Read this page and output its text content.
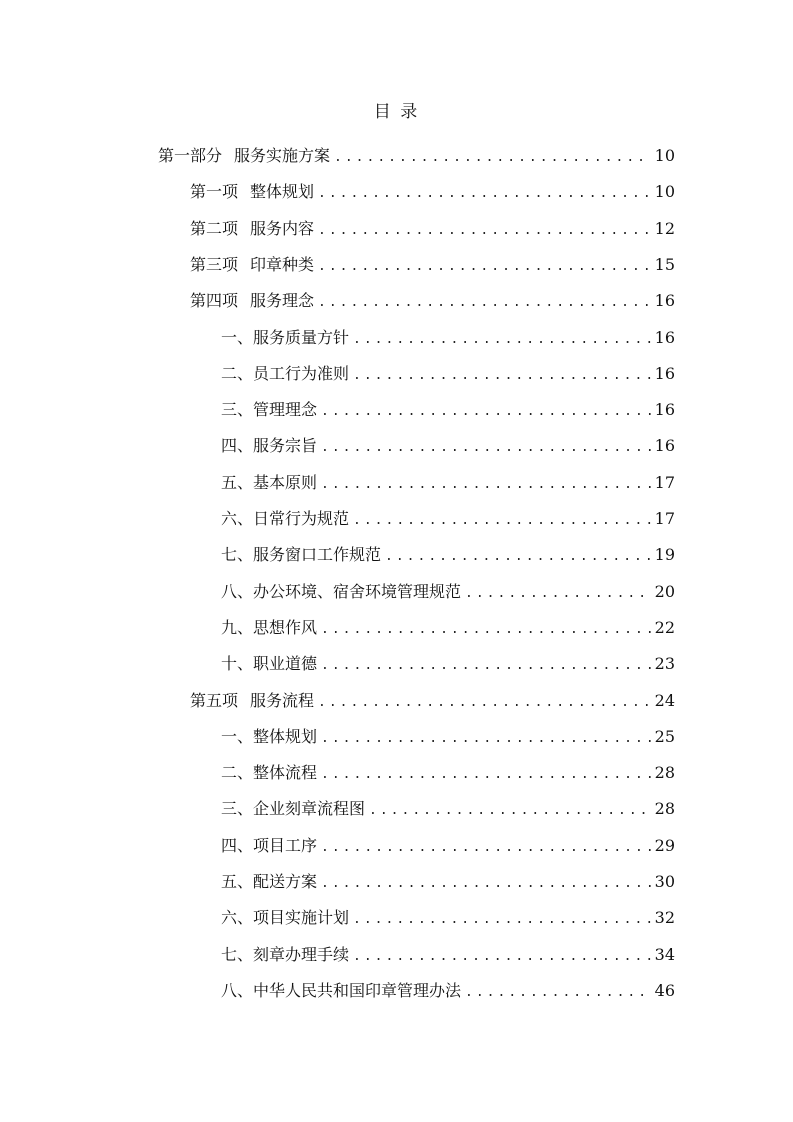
目 录
第一部分 服务实施方案 .....	10
第一项 整体规划 .....	10
第二项 服务内容 .....	12
第三项 印章种类 .....	15
第四项 服务理念 .....	16
一、服务质量方针 .....	16
二、员工行为准则 .....	16
三、管理理念 .....	16
四、服务宗旨 .....	16
五、基本原则 .....	17
六、日常行为规范 .....	17
七、服务窗口工作规范 .....	19
八、办公环境、宿舍环境管理规范 .....	20
九、思想作风 .....	22
十、职业道德 .....	23
第五项 服务流程 .....	24
一、整体规划 .....	25
二、整体流程 .....	28
三、企业刻章流程图 .....	28
四、项目工序 .....	29
五、配送方案 .....	30
六、项目实施计划 .....	32
七、刻章办理手续 .....	34
八、中华人民共和国印章管理办法 .....	46
